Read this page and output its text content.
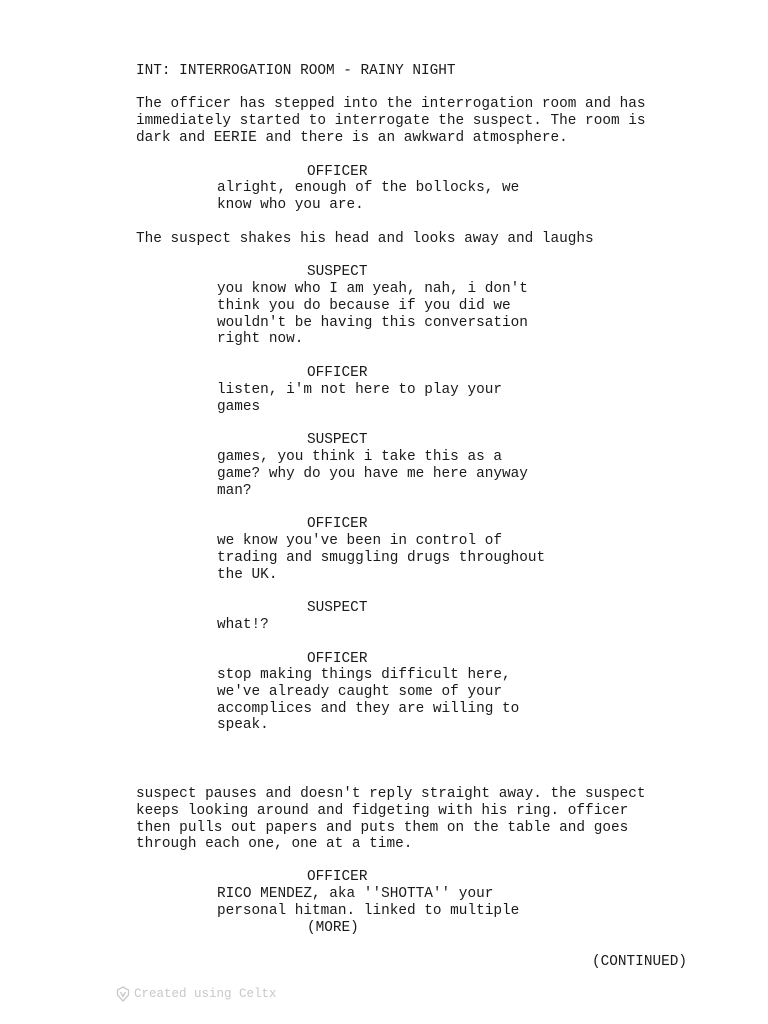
INT: INTERROGATION ROOM - RAINY NIGHT
The officer has stepped into the interrogation room and has
immediately started to interrogate the suspect. The room is
dark and EERIE and there is an awkward atmosphere.
OFFICER
alright, enough of the bollocks, we
know who you are.
The suspect shakes his head and looks away and laughs
SUSPECT
you know who I am yeah, nah, i don't
think you do because if you did we
wouldn't be having this conversation
right now.
OFFICER
listen, i'm not here to play your
games
SUSPECT
games, you think i take this as a
game? why do you have me here anyway
man?
OFFICER
we know you've been in control of
trading and smuggling drugs throughout
the UK.
SUSPECT
what!?
OFFICER
stop making things difficult here,
we've already caught some of your
accomplices and they are willing to
speak.
suspect pauses and doesn't reply straight away. the suspect
keeps looking around and fidgeting with his ring. officer
then pulls out papers and puts them on the table and goes
through each one, one at a time.
OFFICER
RICO MENDEZ, aka ''SHOTTA'' your
personal hitman. linked to multiple
(MORE)
(CONTINUED)
Created using Celtx
